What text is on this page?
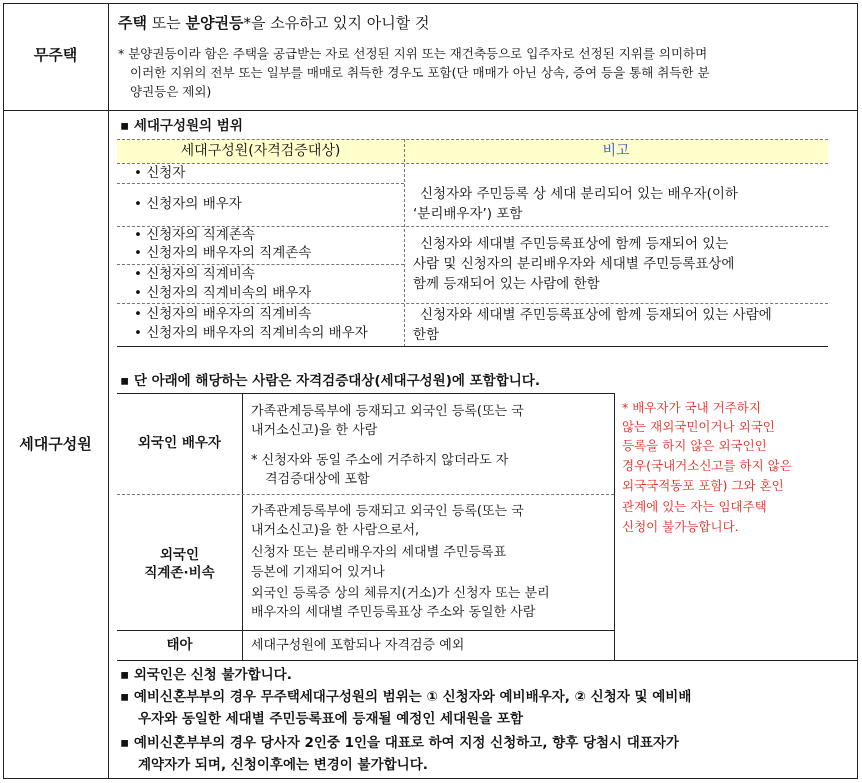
무주택
주택 또는 분양권등*을 소유하고 있지 아니할 것
* 분양권등이라 함은 주택을 공급받는 자로 선정된 지위 또는 재건축등으로 입주자로 선정된 지위를 의미하며
이러한 지위의 전부 또는 일부를 매매로 취득한 경우도 포함(단 매매가 아닌 상속, 증여 등을 통해 취득한 분
양권등은 제외)
세대구성원
▪ 세대구성원의 범위
세대구성원(자격검증대상)	비고
• 신청자
• 신청자의 배우자
신청자와 주민등록 상 세대 분리되어 있는 배우자(이하
‘분리배우자’) 포함
• 신청자의 직계존속
• 신청자의 배우자의 직계존속
• 신청자의 직계비속
• 신청자의 직계비속의 배우자
신청자와 세대별 주민등록표상에 함께 등재되어 있는
사람 및 신청자의 분리배우자와 세대별 주민등록표상에
함께 등재되어 있는 사람에 한함
• 신청자의 배우자의 직계비속
• 신청자의 배우자의 직계비속의 배우자
신청자와 세대별 주민등록표상에 함께 등재되어 있는 사람에
한함
▪ 단 아래에 해당하는 사람은 자격검증대상(세대구성원)에 포함합니다.
외국인 배우자
가족관계등록부에 등재되고 외국인 등록(또는 국
내거소신고)을 한 사람
* 신청자와 동일 주소에 거주하지 않더라도 자
격검증대상에 포함
외국인
직계존·비속
가족관계등록부에 등재되고 외국인 등록(또는 국
내거소신고)을 한 사람으로서,
신청자 또는 분리배우자의 세대별 주민등록표
등본에 기재되어 있거나
외국인 등록증 상의 체류지(거소)가 신청자 또는 분리
배우자의 세대별 주민등록표상 주소와 동일한 사람
태아	세대구성원에 포함되나 자격검증 예외
* 배우자가 국내 거주하지
않는 재외국민이거나 외국인
등록을 하지 않은 외국인인
경우(국내거소신고를 하지 않은
외국국적동포 포함) 그와 혼인
관계에 있는 자는 임대주택
신청이 불가능합니다.
▪ 외국인은 신청 불가합니다.
▪ 예비신혼부부의 경우 무주택세대구성원의 범위는 ① 신청자와 예비배우자, ② 신청자 및 예비배
우자와 동일한 세대별 주민등록표에 등재될 예정인 세대원을 포함
▪ 예비신혼부부의 경우 당사자 2인중 1인을 대표로 하여 지정 신청하고, 향후 당첨시 대표자가
계약자가 되며, 신청이후에는 변경이 불가합니다.
